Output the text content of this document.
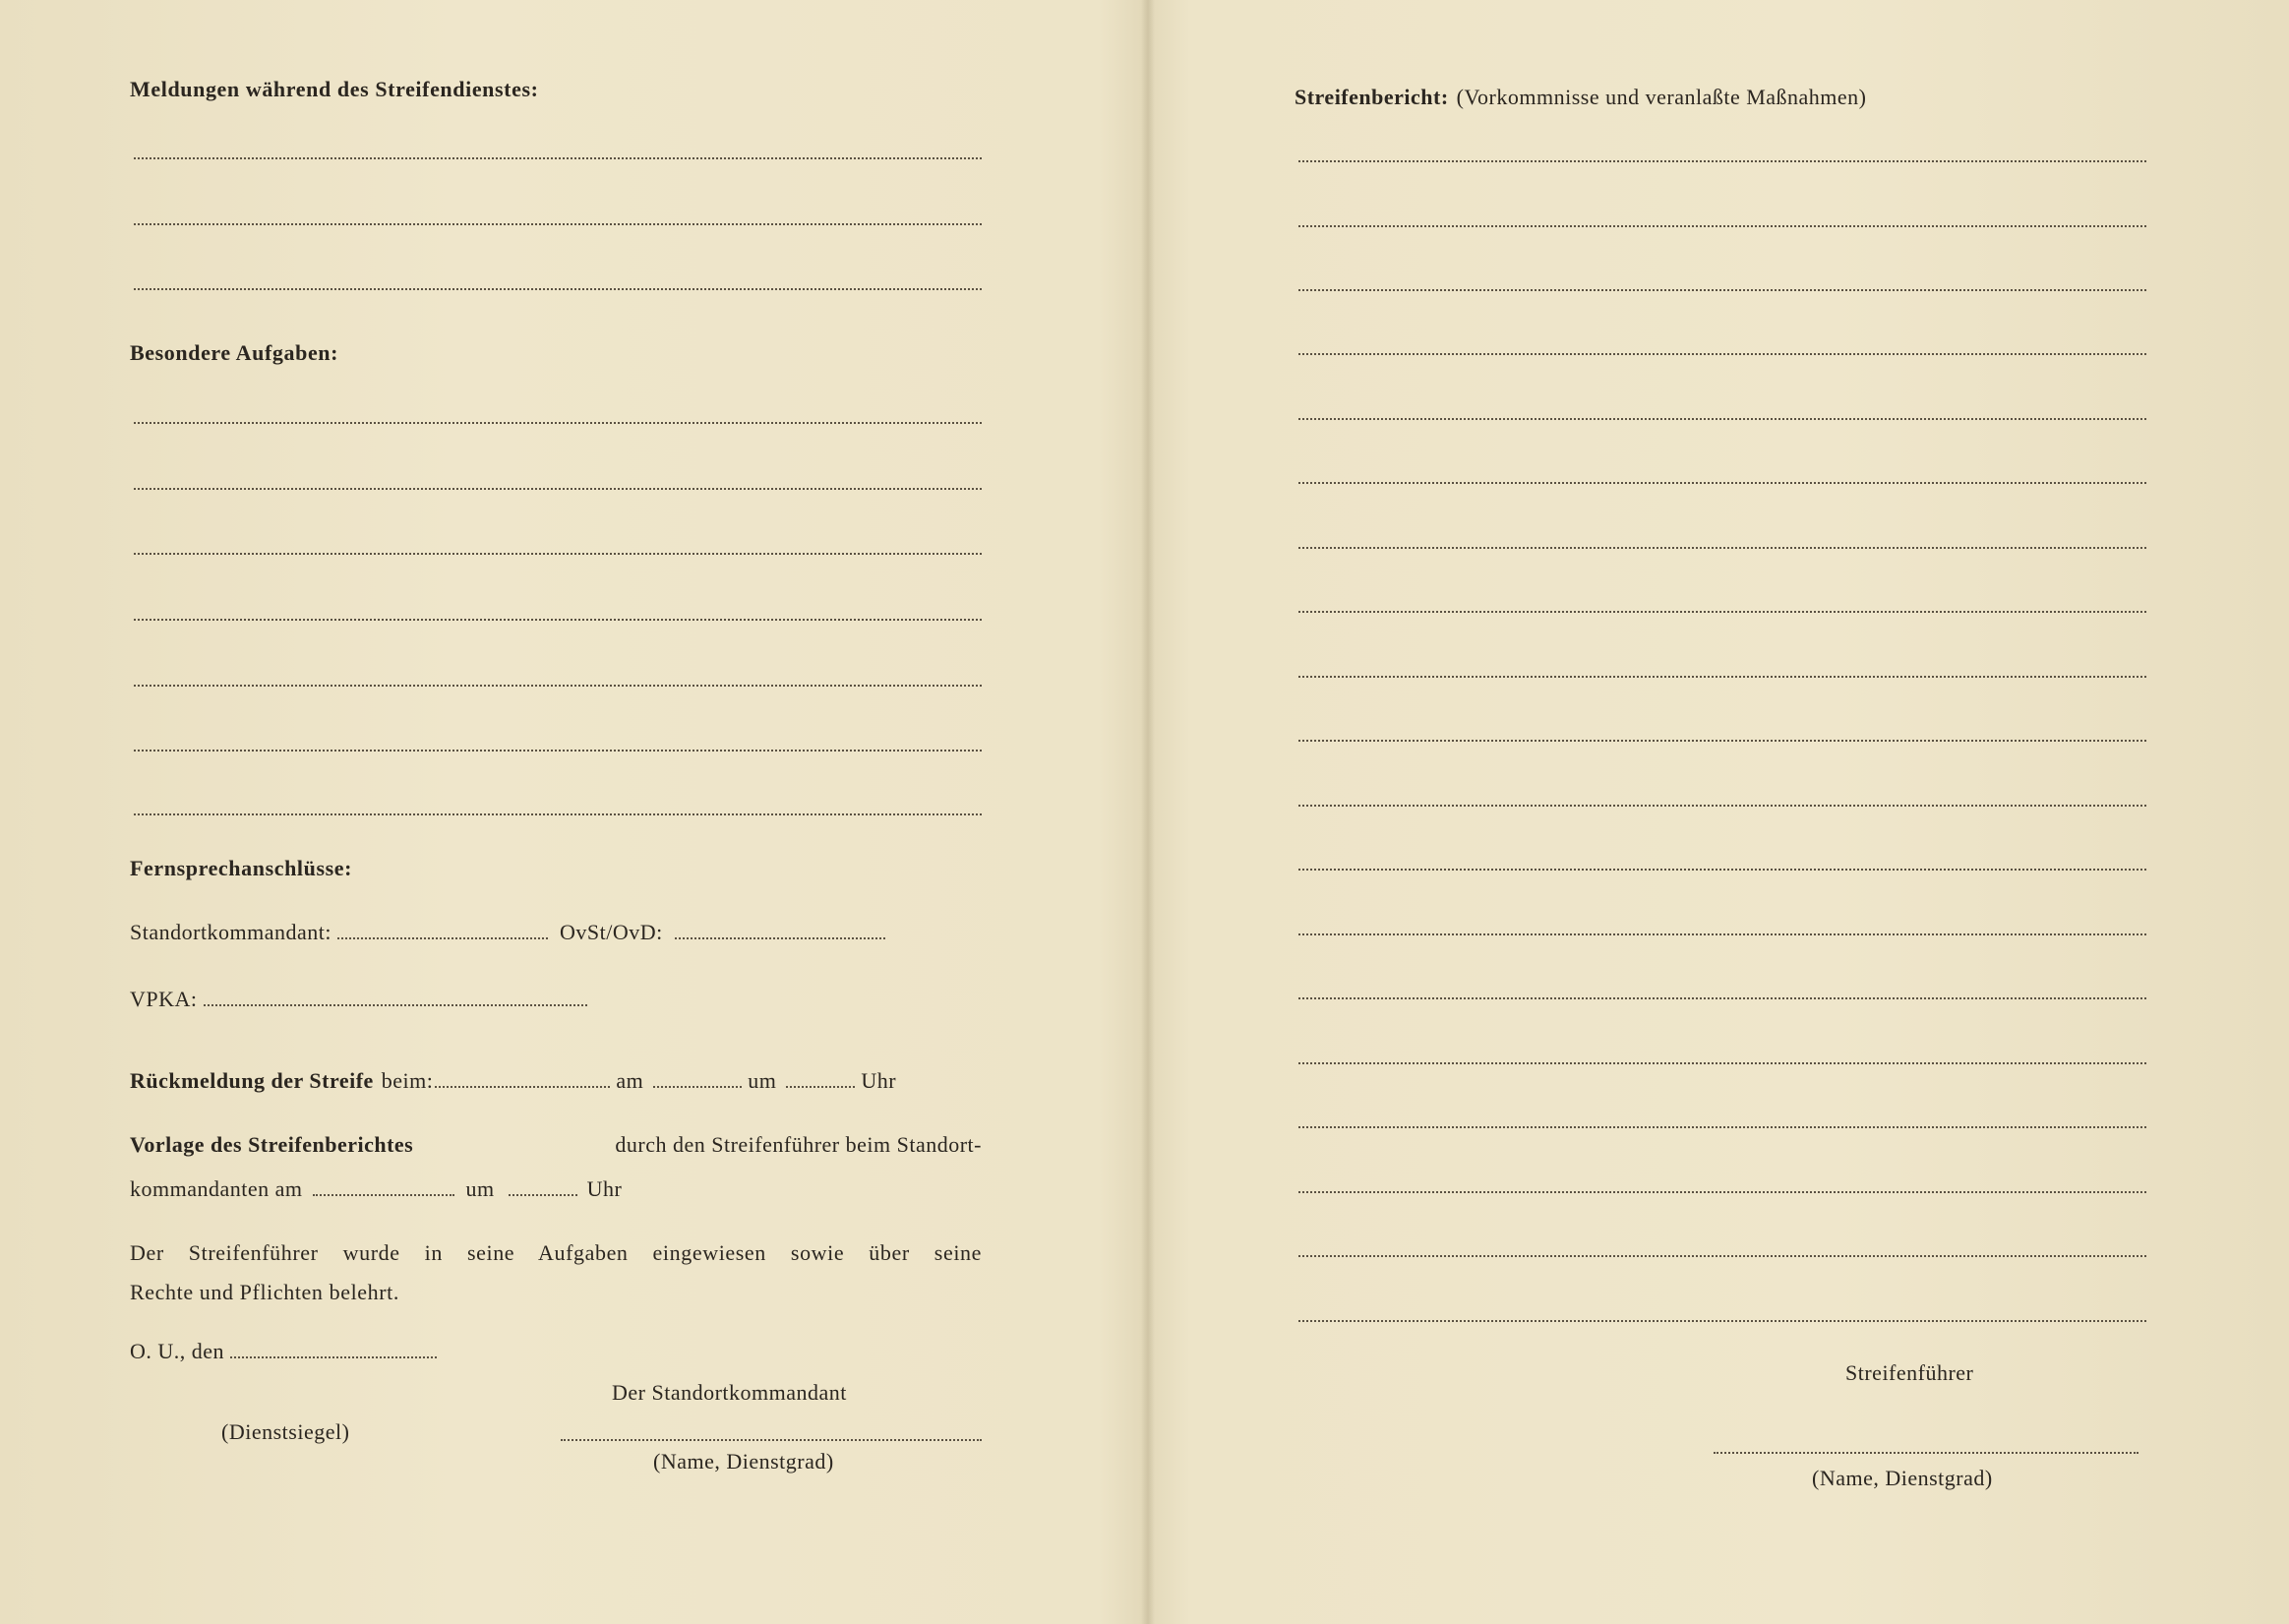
Meldungen während des Streifendienstes:
Besondere Aufgaben:
Fernsprechanschlüsse:
Standortkommandant:	OvSt/OvD:
VPKA:
Rückmeldung der Streife beim:	am	um	Uhr
Vorlage des Streifenberichtes	durch den Streifenführer beim Standort-
kommandanten am	um	Uhr
Der Streifenführer wurde in seine Aufgaben eingewiesen sowie über seine
Rechte und Pflichten belehrt.
O. U., den
Der Standortkommandant
(Dienstsiegel)
(Name, Dienstgrad)
Streifenbericht: (Vorkommnisse und veranlaßte Maßnahmen)
Streifenführer
(Name, Dienstgrad)
